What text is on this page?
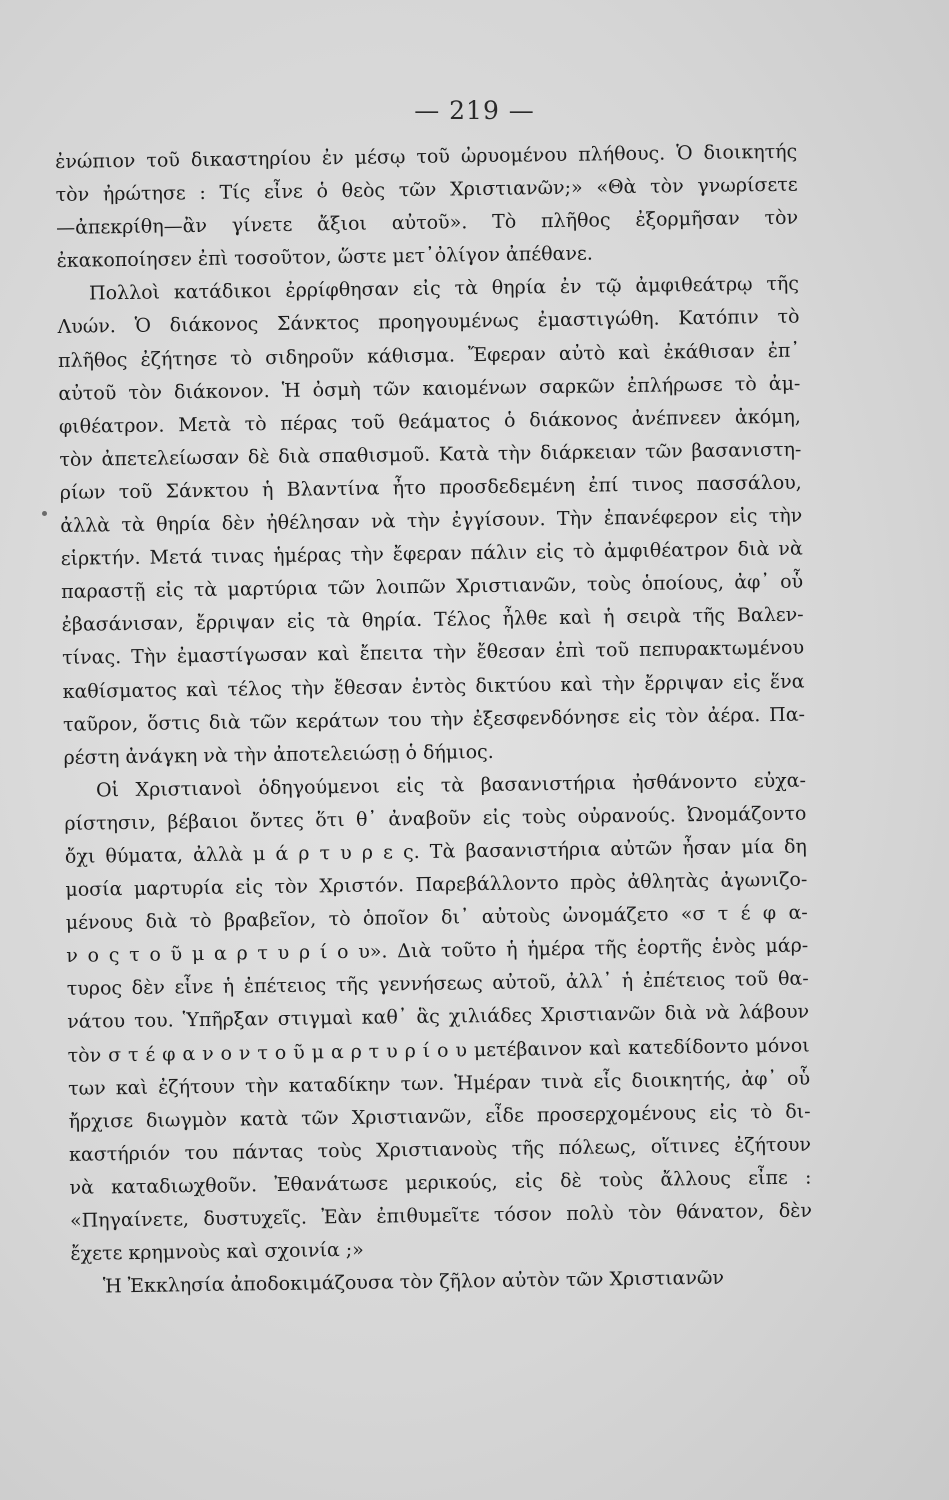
— 219 —
ἐνώπιον τοῦ δικαστηρίου ἐν μέσῳ τοῦ ὠρυομένου πλήθους. Ὁ διοικητής
τὸν ἠρώτησε : Τίς εἶνε ὁ θεὸς τῶν Χριστιανῶν;» «Θὰ τὸν γνωρίσετε
—ἀπεκρίθη—ἂν γίνετε ἄξιοι αὐτοῦ». Τὸ πλῆθος ἐξορμῆσαν τὸν
ἐκακοποίησεν ἐπὶ τοσοῦτον, ὥστε μετ᾽ὀλίγον ἀπέθανε.
Πολλοὶ κατάδικοι ἐρρίφθησαν εἰς τὰ θηρία ἐν τῷ ἀμφιθεάτρῳ τῆς
Λυών. Ὁ διάκονος Σάνκτος προηγουμένως ἐμαστιγώθη. Κατόπιν τὸ
πλῆθος ἐζήτησε τὸ σιδηροῦν κάθισμα. Ἔφεραν αὐτὸ καὶ ἐκάθισαν ἐπ᾽
αὐτοῦ τὸν διάκονον. Ἡ ὀσμὴ τῶν καιομένων σαρκῶν ἐπλήρωσε τὸ ἀμ-
φιθέατρον. Μετὰ τὸ πέρας τοῦ θεάματος ὁ διάκονος ἀνέπνεεν ἀκόμη,
τὸν ἀπετελείωσαν δὲ διὰ σπαθισμοῦ. Κατὰ τὴν διάρκειαν τῶν βασανιστη-
ρίων τοῦ Σάνκτου ἡ Βλαντίνα ἦτο προσδεδεμένη ἐπί τινος πασσάλου,
ἀλλὰ τὰ θηρία δὲν ἠθέλησαν νὰ τὴν ἐγγίσουν. Τὴν ἐπανέφερον εἰς τὴν
εἱρκτήν. Μετά τινας ἡμέρας τὴν ἔφεραν πάλιν εἰς τὸ ἀμφιθέατρον διὰ νὰ
παραστῇ εἰς τὰ μαρτύρια τῶν λοιπῶν Χριστιανῶν, τοὺς ὁποίους, ἀφ᾽ οὗ
ἐβασάνισαν, ἔρριψαν εἰς τὰ θηρία. Τέλος ἦλθε καὶ ἡ σειρὰ τῆς Βαλεν-
τίνας. Τὴν ἐμαστίγωσαν καὶ ἔπειτα τὴν ἔθεσαν ἐπὶ τοῦ πεπυρακτωμένου
καθίσματος καὶ τέλος τὴν ἔθεσαν ἐντὸς δικτύου καὶ τὴν ἔρριψαν εἰς ἕνα
ταῦρον, ὅστις διὰ τῶν κεράτων του τὴν ἐξεσφενδόνησε εἰς τὸν ἀέρα. Πα-
ρέστη ἀνάγκη νὰ τὴν ἀποτελειώσῃ ὁ δήμιος.
Οἱ Χριστιανοὶ ὁδηγούμενοι εἰς τὰ βασανιστήρια ἠσθάνοντο εὐχα-
ρίστησιν, βέβαιοι ὄντες ὅτι θ᾽ ἀναβοῦν εἰς τοὺς οὐρανούς. Ὠνομάζοντο
ὄχι θύματα, ἀλλὰ μ ά ρ τ υ ρ ε ς. Τὰ βασανιστήρια αὐτῶν ἦσαν μία δη
μοσία μαρτυρία εἰς τὸν Χριστόν. Παρεβάλλοντο πρὸς ἀθλητὰς ἀγωνιζο-
μένους διὰ τὸ βραβεῖον, τὸ ὁποῖον δι᾽ αὐτοὺς ὠνομάζετο «σ τ έ φ α-
ν ο ς τ ο ῦ μ α ρ τ υ ρ ί ο υ». Διὰ τοῦτο ἡ ἡμέρα τῆς ἑορτῆς ἑνὸς μάρ-
τυρος δὲν εἶνε ἡ ἐπέτειος τῆς γεννήσεως αὐτοῦ, ἀλλ᾽ ἡ ἐπέτειος τοῦ θα-
νάτου του. Ὑπῆρξαν στιγμαὶ καθ᾽ ἃς χιλιάδες Χριστιανῶν διὰ νὰ λάβουν
τὸν σ τ έ φ α ν ο ν τ ο ῦ μ α ρ τ υ ρ ί ο υ μετέβαινον καὶ κατεδίδοντο μόνοι
των καὶ ἐζήτουν τὴν καταδίκην των. Ἡμέραν τινὰ εἷς διοικητής, ἀφ᾽ οὗ
ἤρχισε διωγμὸν κατὰ τῶν Χριστιανῶν, εἶδε προσερχομένους εἰς τὸ δι-
καστήριόν του πάντας τοὺς Χριστιανοὺς τῆς πόλεως, οἵτινες ἐζήτουν
νὰ καταδιωχθοῦν. Ἐθανάτωσε μερικούς, εἰς δὲ τοὺς ἄλλους εἶπε :
«Πηγαίνετε, δυστυχεῖς. Ἐὰν ἐπιθυμεῖτε τόσον πολὺ τὸν θάνατον, δὲν
ἔχετε κρημνοὺς καὶ σχοινία ;»
Ἡ Ἐκκλησία ἀποδοκιμάζουσα τὸν ζῆλον αὐτὸν τῶν Χριστιανῶν
